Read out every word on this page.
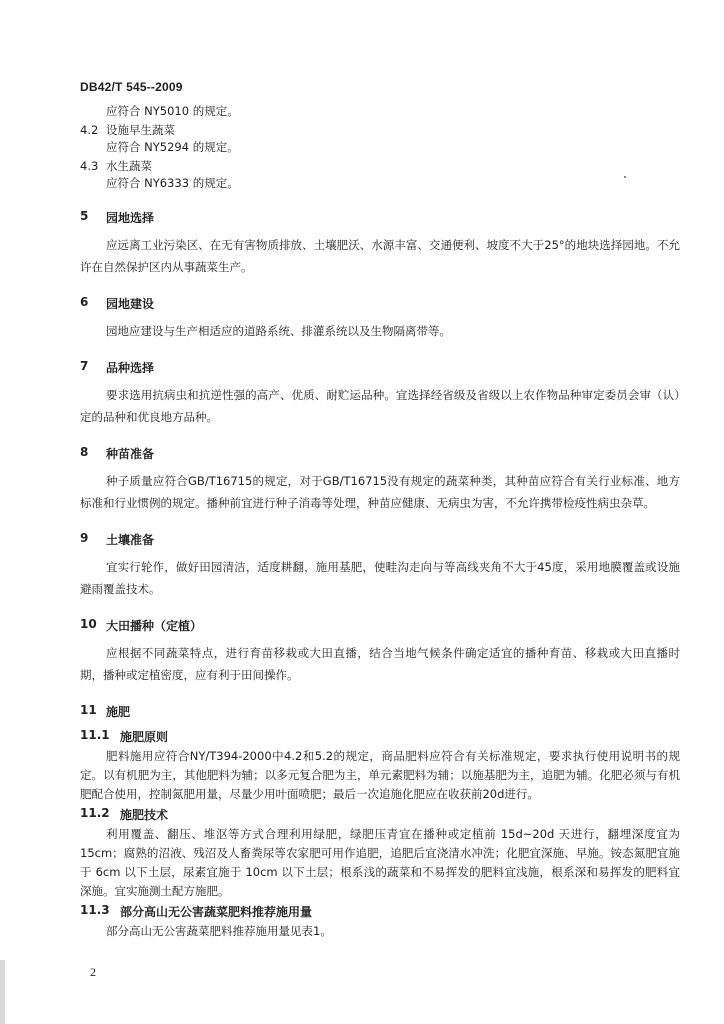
DB42/T 545--2009
应符合 NY5010 的规定。
4.2 设施早生蔬菜
应符合 NY5294 的规定。
4.3 水生蔬菜
应符合 NY6333 的规定。
5	园地选择
应远离工业污染区、在无有害物质排放、土壤肥沃、水源丰富、交通便利、坡度不大于25°的地块选择园地。不允许在自然保护区内从事蔬菜生产。
6	园地建设
园地应建设与生产相适应的道路系统、排灌系统以及生物隔离带等。
7	品种选择
要求选用抗病虫和抗逆性强的高产、优质、耐贮运品种。宜选择经省级及省级以上农作物品种审定委员会审（认）定的品种和优良地方品种。
8	种苗准备
种子质量应符合GB/T16715的规定，对于GB/T16715没有规定的蔬菜种类，其种苗应符合有关行业标准、地方标准和行业惯例的规定。播种前宜进行种子消毒等处理，种苗应健康、无病虫为害，不允许携带检疫性病虫杂草。
9	土壤准备
宜实行轮作，做好田园清洁，适度耕翻，施用基肥，使畦沟走向与等高线夹角不大于45度，采用地膜覆盖或设施避雨覆盖技术。
10 大田播种（定植）
应根据不同蔬菜特点，进行育苗移栽或大田直播，结合当地气候条件确定适宜的播种育苗、移栽或大田直播时期，播种或定植密度，应有利于田间操作。
11 施肥
11.1 施肥原则
肥料施用应符合NY/T394-2000中4.2和5.2的规定，商品肥料应符合有关标准规定，要求执行使用说明书的规定。以有机肥为主，其他肥料为辅；以多元复合肥为主，单元素肥料为辅；以施基肥为主，追肥为辅。化肥必须与有机肥配合使用，控制氮肥用量，尽量少用叶面喷肥；最后一次追施化肥应在收获前20d进行。
11.2 施肥技术
利用覆盖、翻压、堆沤等方式合理利用绿肥，绿肥压青宜在播种或定植前 15d~20d 天进行，翻埋深度宜为 15cm；腐熟的沼液、残沼及人畜粪尿等农家肥可用作追肥，追肥后宜浇清水冲洗；化肥宜深施、早施。铵态氮肥宜施于 6cm 以下土层，尿素宜施于 10cm 以下土层；根系浅的蔬菜和不易挥发的肥料宜浅施，根系深和易挥发的肥料宜深施。宜实施测土配方施肥。
11.3 部分高山无公害蔬菜肥料推荐施用量
部分高山无公害蔬菜肥料推荐施用量见表1。
2
